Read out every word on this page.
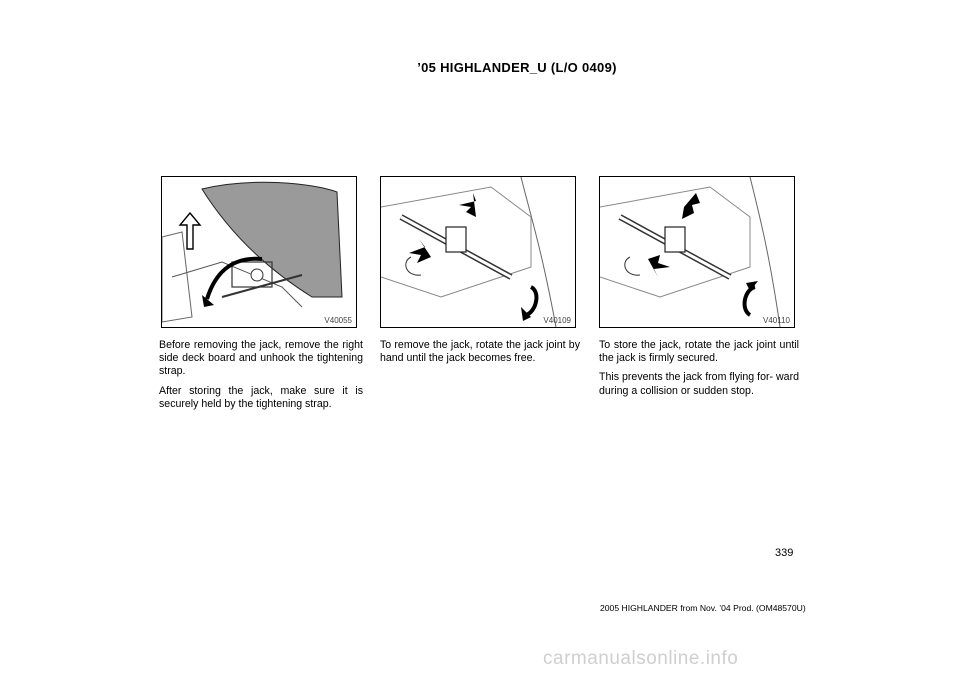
’05 HIGHLANDER_U (L/O 0409)
V40055	V40109	V40110

Before removing the jack, remove the right side deck board and unhook the tightening strap.

After storing the jack, make sure it is securely held by the tightening strap.

To remove the jack, rotate the jack joint by hand until the jack becomes free.

To store the jack, rotate the jack joint until the jack is firmly secured.

This prevents the jack from flying for- ward during a collision or sudden stop.

339
2005 HIGHLANDER from Nov. ’04 Prod. (OM48570U)
carmanualsonline.info
